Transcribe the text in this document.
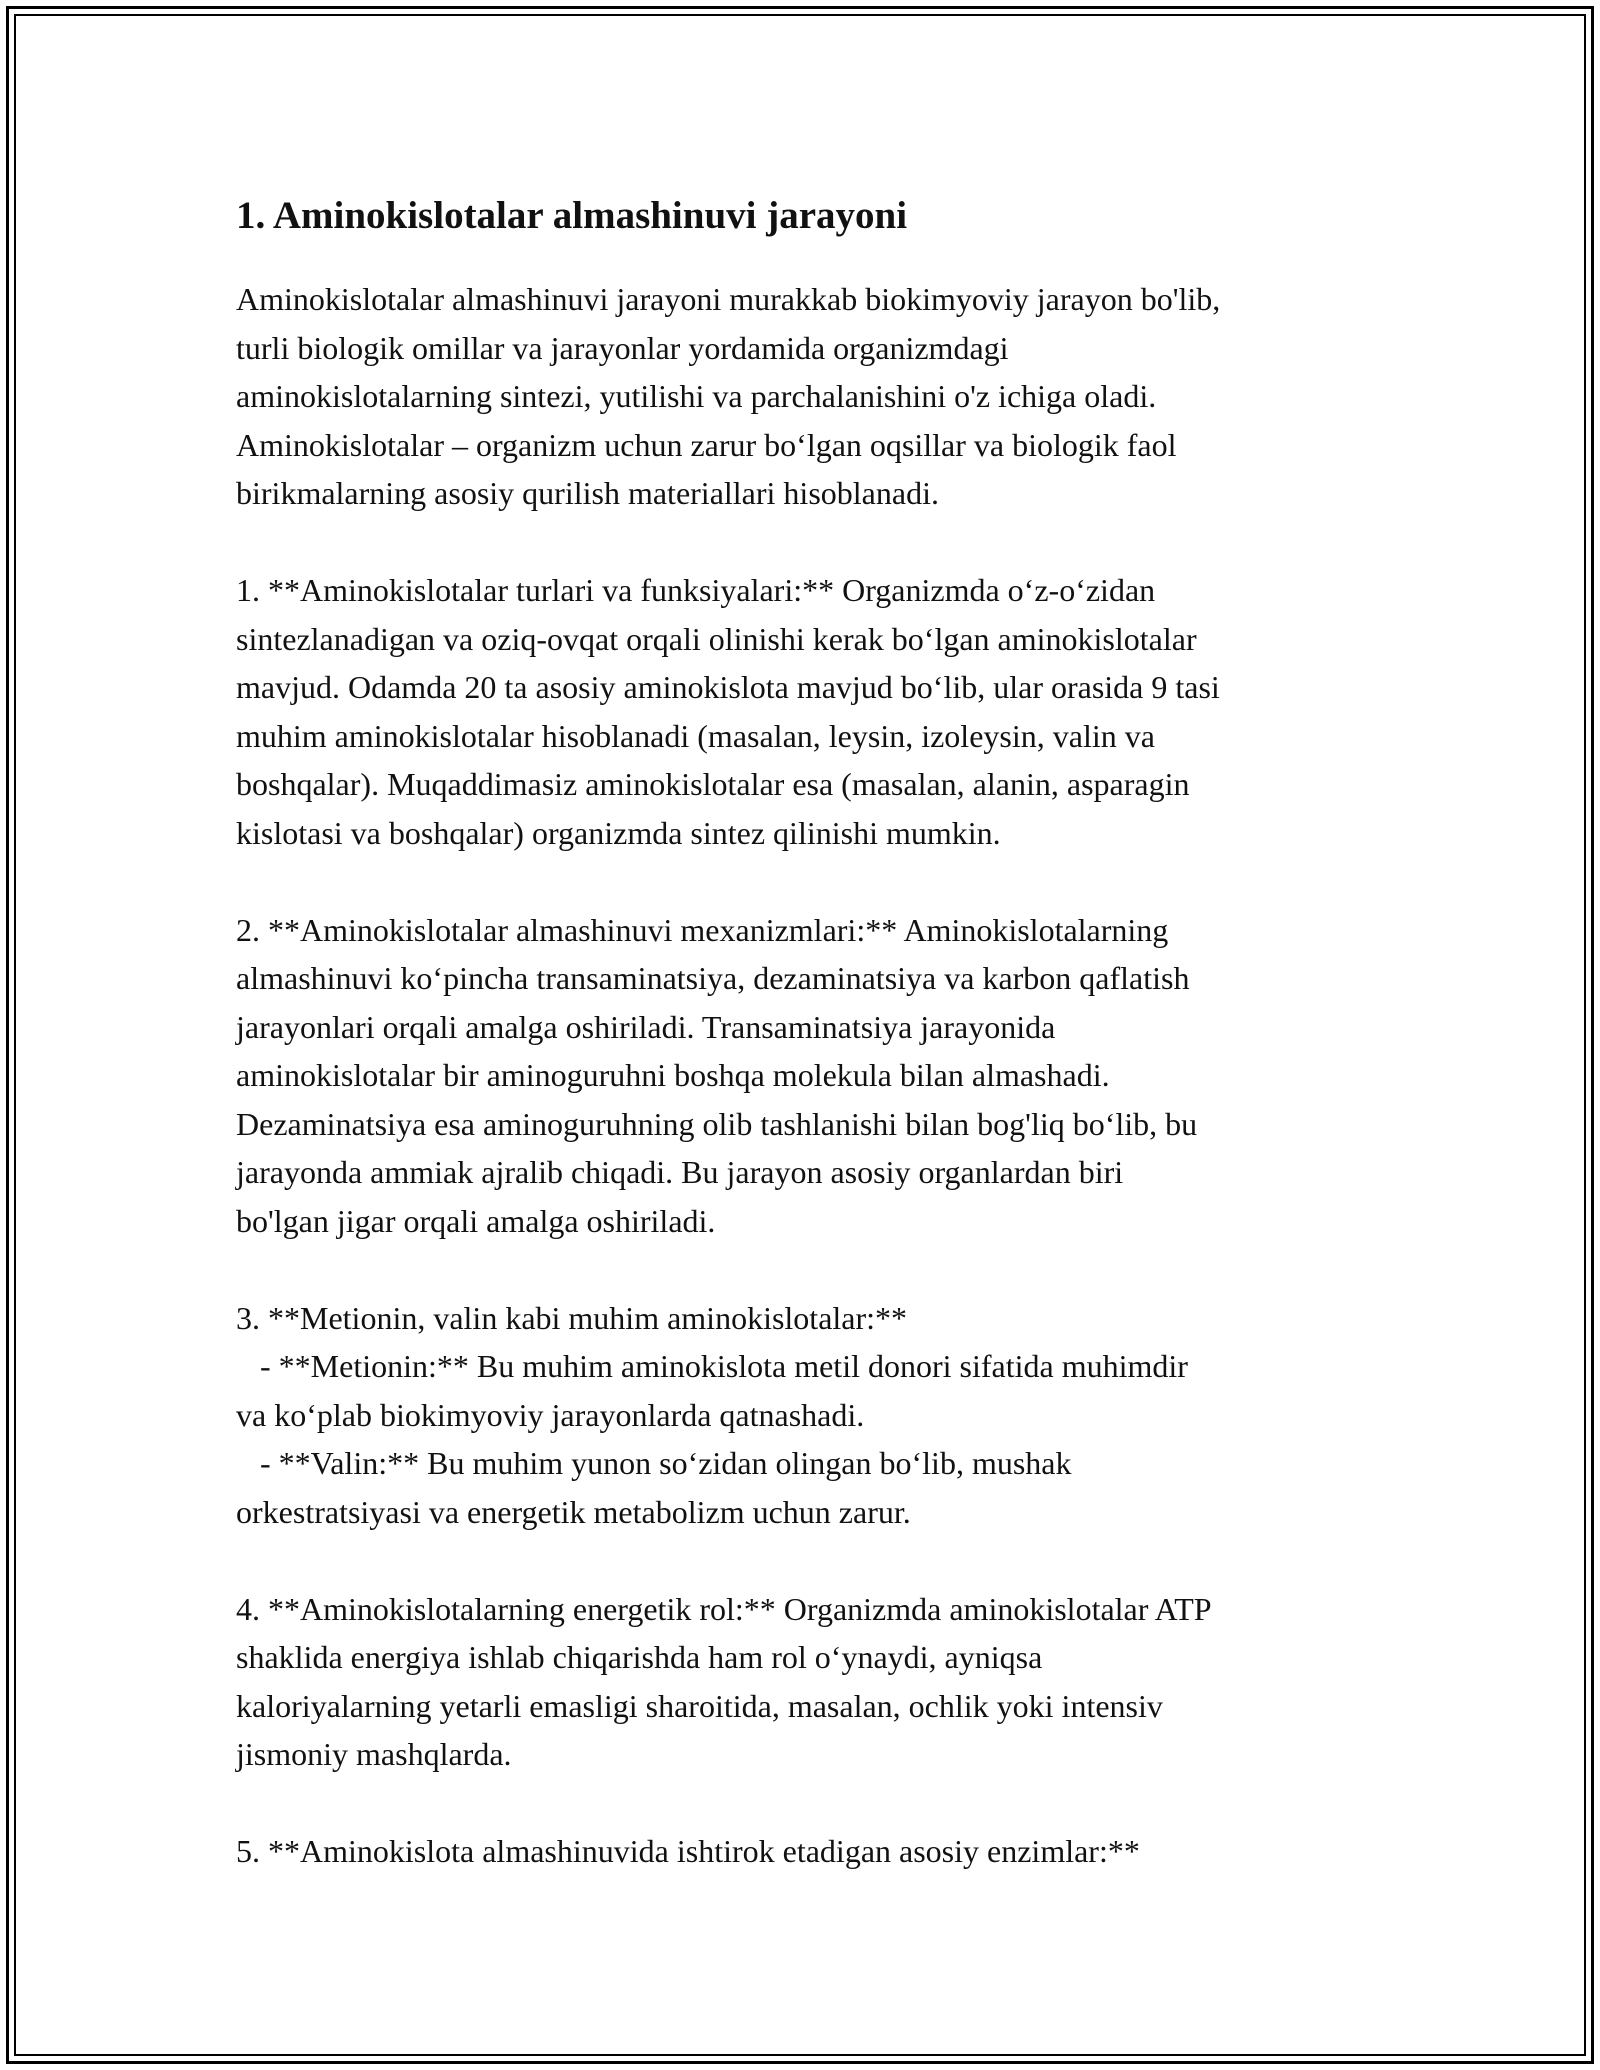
1. Aminokislotalar almashinuvi jarayoni
Aminokislotalar almashinuvi jarayoni murakkab biokimyoviy jarayon bo'lib,
turli biologik omillar va jarayonlar yordamida organizmdagi
aminokislotalarning sintezi, yutilishi va parchalanishini o'z ichiga oladi.
Aminokislotalar – organizm uchun zarur boʻlgan oqsillar va biologik faol
birikmalarning asosiy qurilish materiallari hisoblanadi.
1. **Aminokislotalar turlari va funksiyalari:** Organizmda oʻz-oʻzidan
sintezlanadigan va oziq-ovqat orqali olinishi kerak boʻlgan aminokislotalar
mavjud. Odamda 20 ta asosiy aminokislota mavjud boʻlib, ular orasida 9 tasi
muhim aminokislotalar hisoblanadi (masalan, leysin, izoleysin, valin va
boshqalar). Muqaddimasiz aminokislotalar esa (masalan, alanin, asparagin
kislotasi va boshqalar) organizmda sintez qilinishi mumkin.
2. **Aminokislotalar almashinuvi mexanizmlari:** Aminokislotalarning
almashinuvi koʻpincha transaminatsiya, dezaminatsiya va karbon qaflatish
jarayonlari orqali amalga oshiriladi. Transaminatsiya jarayonida
aminokislotalar bir aminoguruhni boshqa molekula bilan almashadi.
Dezaminatsiya esa aminoguruhning olib tashlanishi bilan bog'liq boʻlib, bu
jarayonda ammiak ajralib chiqadi. Bu jarayon asosiy organlardan biri
bo'lgan jigar orqali amalga oshiriladi.
3. **Metionin, valin kabi muhim aminokislotalar:**
- **Metionin:** Bu muhim aminokislota metil donori sifatida muhimdir
va koʻplab biokimyoviy jarayonlarda qatnashadi.
- **Valin:** Bu muhim yunon soʻzidan olingan boʻlib, mushak
orkestratsiyasi va energetik metabolizm uchun zarur.
4. **Aminokislotalarning energetik rol:** Organizmda aminokislotalar ATP
shaklida energiya ishlab chiqarishda ham rol oʻynaydi, ayniqsa
kaloriyalarning yetarli emasligi sharoitida, masalan, ochlik yoki intensiv
jismoniy mashqlarda.
5. **Aminokislota almashinuvida ishtirok etadigan asosiy enzimlar:**
